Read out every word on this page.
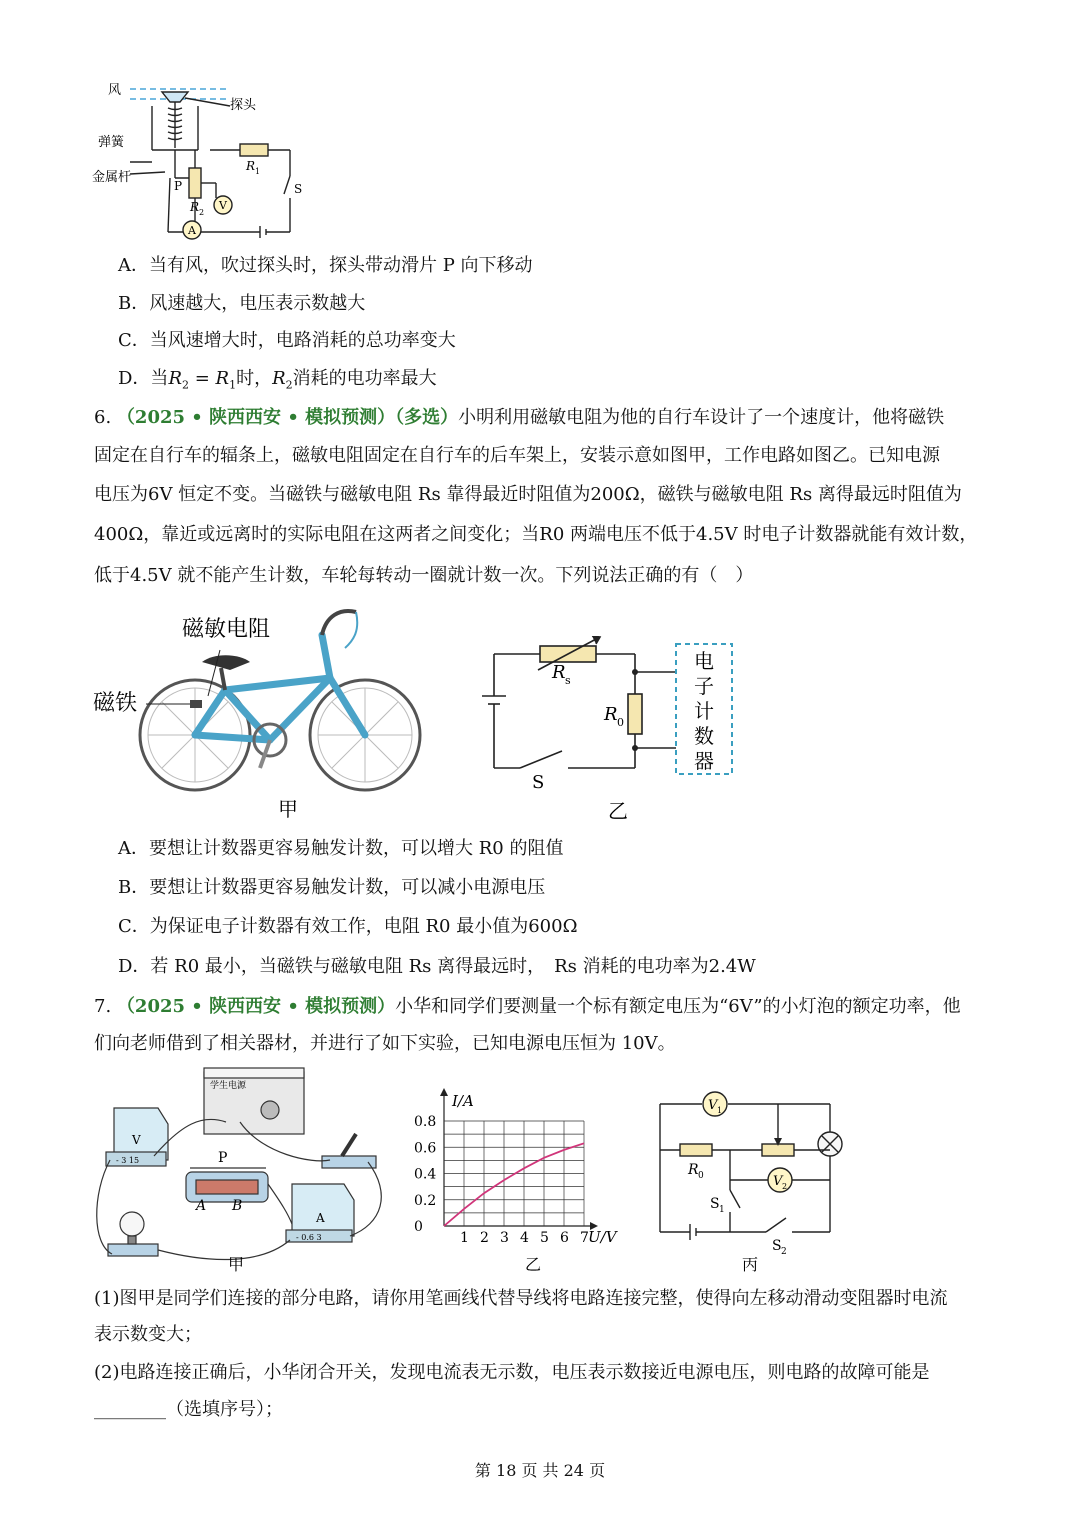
风
探头
弹簧
金属杆
P
R 1
R 2
V
A
S
A．当有风，吹过探头时，探头带动滑片 P 向下移动
B．风速越大，电压表示数越大
C．当风速增大时，电路消耗的总功率变大
D．当$R_2 = R_1$时，$R_2$消耗的电功率最大
6. （2025 • 陕西西安 • 模拟预测）（多选）小明利用磁敏电阻为他的自行车设计了一个速度计，他将磁铁
固定在自行车的辐条上，磁敏电阻固定在自行车的后车架上，安装示意如图甲，工作电路如图乙。已知电源
电压为6V 恒定不变。当磁铁与磁敏电阻 Rs 靠得最近时阻值为200Ω，磁铁与磁敏电阻 Rs 离得最远时阻值为
400Ω，靠近或远离时的实际电阻在这两者之间变化；当R0 两端电压不低于4.5V 时电子计数器就能有效计数，
低于4.5V 就不能产生计数，车轮每转动一圈就计数一次。下列说法正确的有（　）
磁敏电阻
磁铁
甲
R s
R 0
S
电
子
计
数
器
乙
A．要想让计数器更容易触发计数，可以增大 R0 的阻值
B．要想让计数器更容易触发计数，可以减小电源电压
C．为保证电子计数器有效工作，电阻 R0 最小值为600Ω
D．若 R0 最小，当磁铁与磁敏电阻 Rs 离得最远时，　Rs 消耗的电功率为2.4W
7. （2025 • 陕西西安 • 模拟预测）小华和同学们要测量一个标有额定电压为“6V”的小灯泡的额定功率，他
们向老师借到了相关器材，并进行了如下实验，已知电源电压恒为 10V。
学生电源
V
- 3 15
A
- 0.6 3
P
A B
甲
I/A
U/V
乙
1 2 3 4 5 6 7
0
0.2
0.4
0.6
0.8
V 1
V 2
R 0
S 1
S 2
丙
(1)图甲是同学们连接的部分电路，请你用笔画线代替导线将电路连接完整，使得向左移动滑动变阻器时电流
表示数变大；
(2)电路连接正确后，小华闭合开关，发现电流表无示数，电压表示数接近电源电压，则电路的故障可能是
________（选填序号）；
第 18 页 共 24 页
